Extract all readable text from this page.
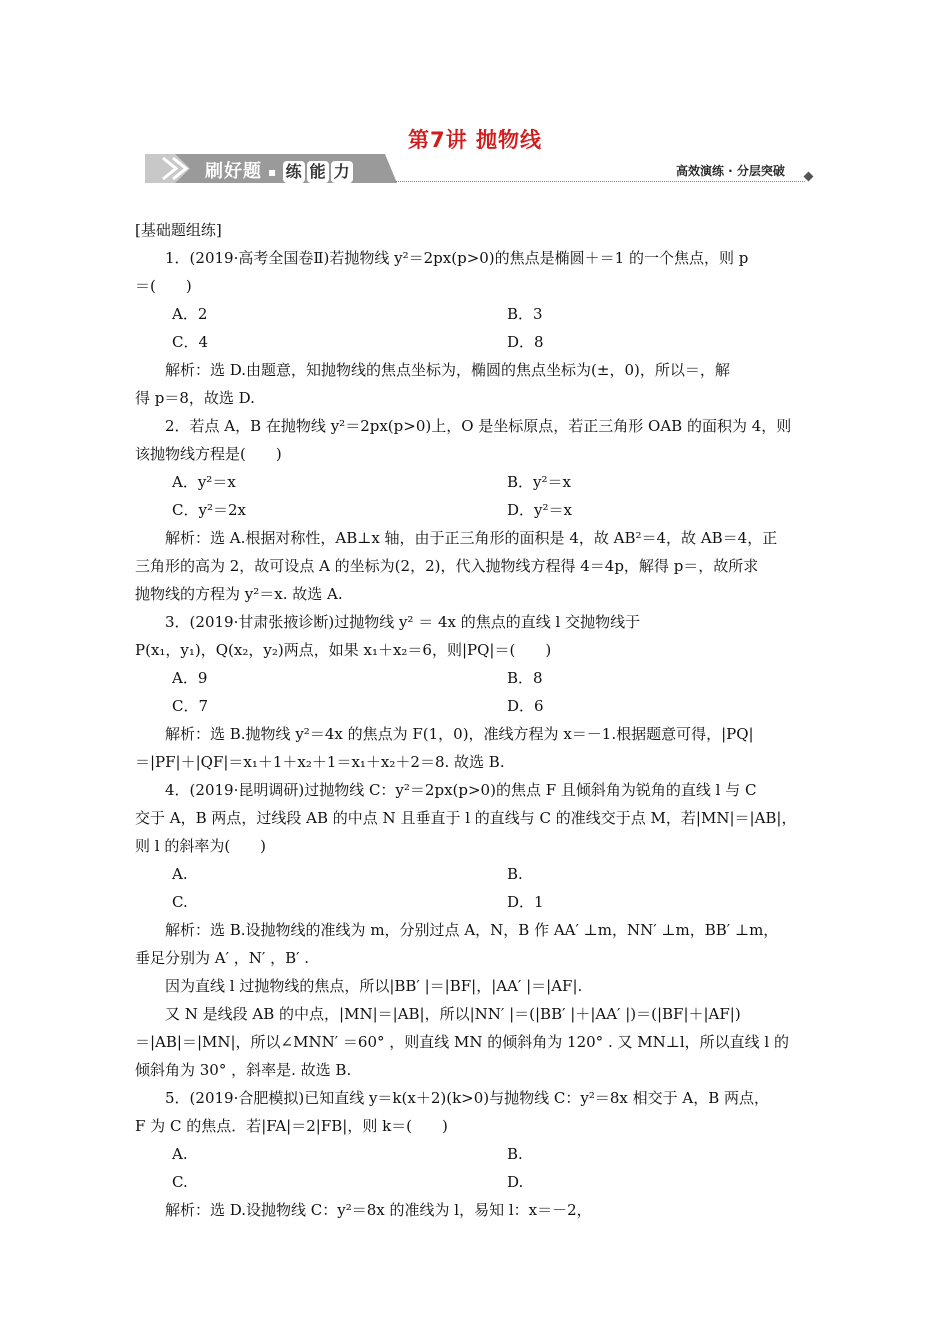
第7讲 抛物线
刷好题 ▪ 练 能 力	高效演练 · 分层突破

[基础题组练]

1．(2019·高考全国卷Ⅱ)若抛物线 y²＝2px(p>0)的焦点是椭圆＋＝1 的一个焦点，则 p

＝(　　)

A．2	B．3
C．4	D．8

解析：选 D.由题意，知抛物线的焦点坐标为，椭圆的焦点坐标为(±，0)，所以＝，解

得 p＝8，故选 D.

2．若点 A，B 在抛物线 y²＝2px(p>0)上，O 是坐标原点，若正三角形 OAB 的面积为 4，则

该抛物线方程是(　　)

A．y²＝x	B．y²＝x
C．y²＝2x	D．y²＝x

解析：选 A.根据对称性，AB⊥x 轴，由于正三角形的面积是 4，故 AB²＝4，故 AB＝4，正

三角形的高为 2，故可设点 A 的坐标为(2，2)，代入抛物线方程得 4＝4p，解得 p＝，故所求

抛物线的方程为 y²＝x. 故选 A.

3．(2019·甘肃张掖诊断)过抛物线 y² ＝ 4x 的焦点的直线 l 交抛物线于

P(x₁，y₁)，Q(x₂，y₂)两点，如果 x₁＋x₂＝6，则|PQ|＝(　　)

A．9	B．8
C．7	D．6

解析：选 B.抛物线 y²＝4x 的焦点为 F(1，0)，准线方程为 x＝－1.根据题意可得，|PQ|

＝|PF|＋|QF|＝x₁＋1＋x₂＋1＝x₁＋x₂＋2＝8. 故选 B.

4．(2019·昆明调研)过抛物线 C：y²＝2px(p>0)的焦点 F 且倾斜角为锐角的直线 l 与 C

交于 A，B 两点，过线段 AB 的中点 N 且垂直于 l 的直线与 C 的准线交于点 M，若|MN|＝|AB|，

则 l 的斜率为(　　)

A.	B.
C.	D．1

解析：选 B.设抛物线的准线为 m，分别过点 A，N，B 作 AA′ ⊥m，NN′ ⊥m，BB′ ⊥m，

垂足分别为 A′ ，N′ ，B′ .

因为直线 l 过抛物线的焦点，所以|BB′ |＝|BF|，|AA′ |＝|AF|.

又 N 是线段 AB 的中点，|MN|＝|AB|，所以|NN′ |＝(|BB′ |＋|AA′ |)＝(|BF|＋|AF|)

＝|AB|＝|MN|，所以∠MNN′ ＝60° ，则直线 MN 的倾斜角为 120° . 又 MN⊥l，所以直线 l 的

倾斜角为 30° ，斜率是. 故选 B.

5．(2019·合肥模拟)已知直线 y＝k(x＋2)(k>0)与抛物线 C：y²＝8x 相交于 A，B 两点，

F 为 C 的焦点．若|FA|＝2|FB|，则 k＝(　　)

A.	B.
C.	D.

解析：选 D.设抛物线 C：y²＝8x 的准线为 l，易知 l：x＝－2，
